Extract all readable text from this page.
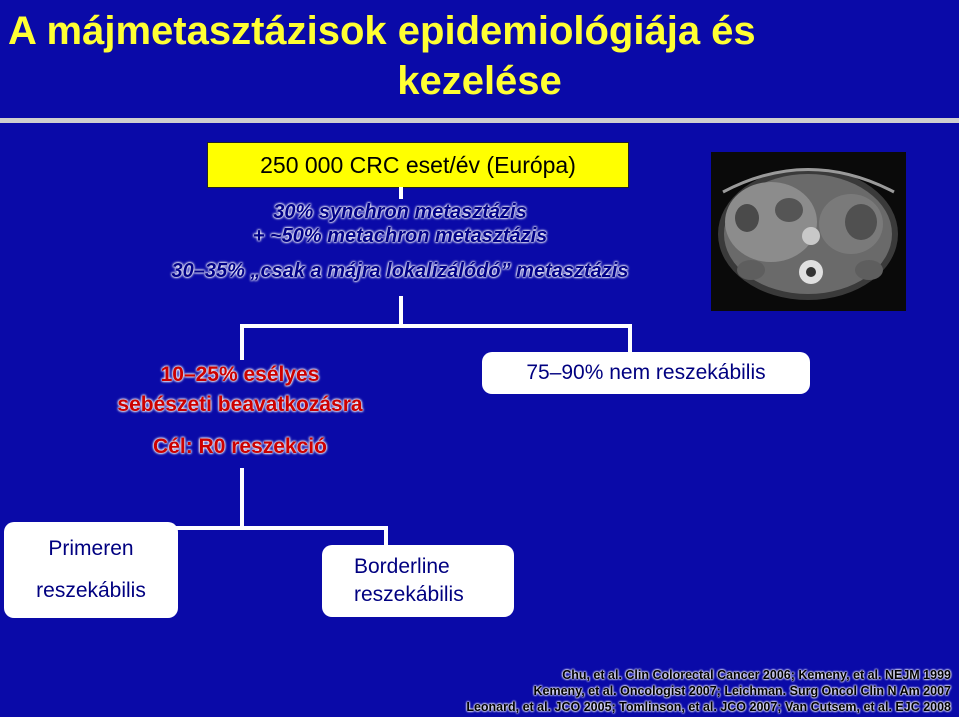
A májmetasztázisok epidemiológiája és
kezelése
250 000 CRC eset/év (Európa)
30% synchron metasztázis
+ ~50% metachron metasztázis
30–35% „csak a májra lokalizálódó” metasztázis
10–25% esélyes
sebészeti beavatkozásra
Cél: R0 reszekció
75–90% nem reszekábilis
Primeren
reszekábilis
Borderline
reszekábilis
Chu, et al. Clin Colorectal Cancer 2006; Kemeny, et al. NEJM 1999
Kemeny, et al. Oncologist 2007; Leichman. Surg Oncol Clin N Am 2007
Leonard, et al. JCO 2005; Tomlinson, et al. JCO 2007; Van Cutsem, et al. EJC 2008
